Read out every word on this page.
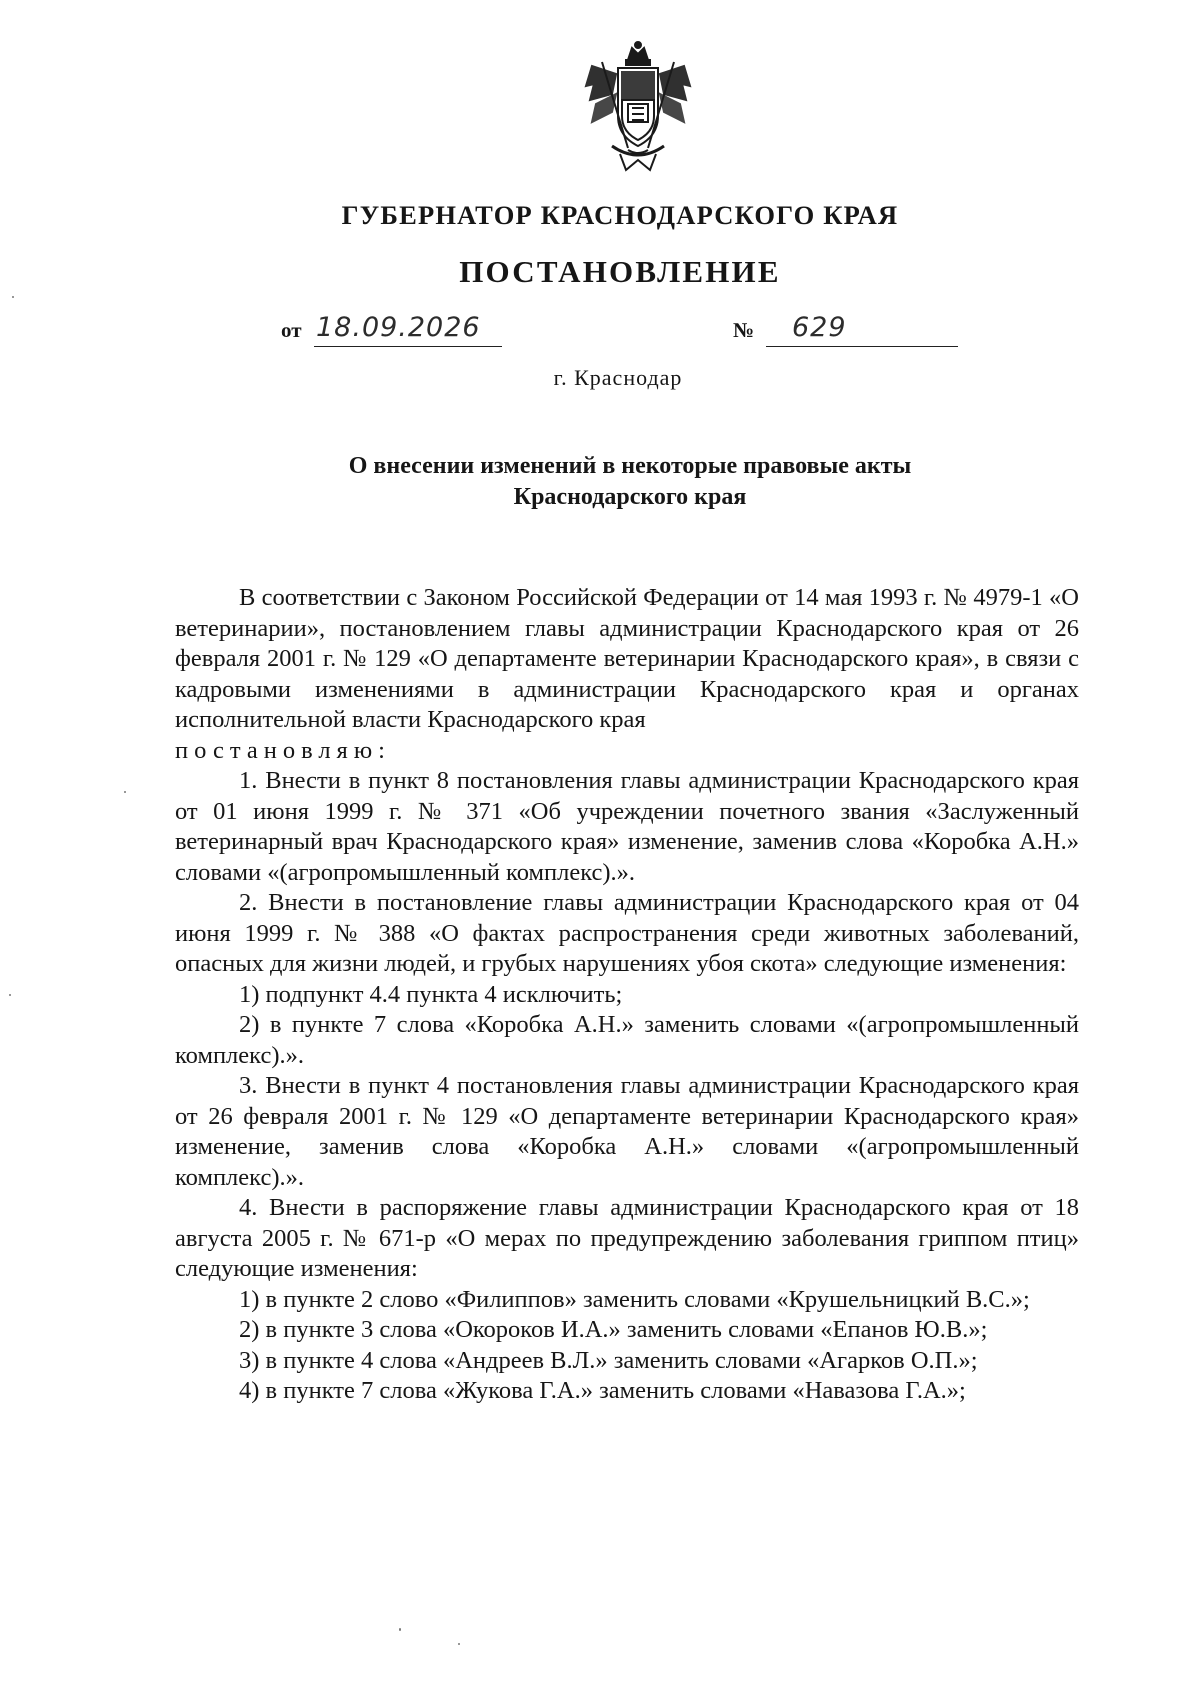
ГУБЕРНАТОР КРАСНОДАРСКОГО КРАЯ
ПОСТАНОВЛЕНИЕ
от 18.09.2026	№ 629
г. Краснодар
О внесении изменений в некоторые правовые акты
Краснодарского края

В соответствии с Законом Российской Федерации от 14 мая 1993 г. № 4979-1 «О ветеринарии», постановлением главы администрации Краснодарского края от 26 февраля 2001 г. № 129 «О департаменте ветеринарии Краснодарского края», в связи с кадровыми изменениями в администрации Краснодарского края и органах исполнительной власти Краснодарского края

постановляю:

1. Внести в пункт 8 постановления главы администрации Краснодарского края от 01 июня 1999 г. № 371 «Об учреждении почетного звания «Заслуженный ветеринарный врач Краснодарского края» изменение, заменив слова «Коробка А.Н.» словами «(агропромышленный комплекс).».

2. Внести в постановление главы администрации Краснодарского края от 04 июня 1999 г. № 388 «О фактах распространения среди животных заболеваний, опасных для жизни людей, и грубых нарушениях убоя скота» следующие изменения:

1) подпункт 4.4 пункта 4 исключить;

2) в пункте 7 слова «Коробка А.Н.» заменить словами «(агропромышленный комплекс).».

3. Внести в пункт 4 постановления главы администрации Краснодарского края от 26 февраля 2001 г. № 129 «О департаменте ветеринарии Краснодарского края» изменение, заменив слова «Коробка А.Н.» словами «(агропромышленный комплекс).».

4. Внести в распоряжение главы администрации Краснодарского края от 18 августа 2005 г. № 671-р «О мерах по предупреждению заболевания гриппом птиц» следующие изменения:

1) в пункте 2 слово «Филиппов» заменить словами «Крушельницкий В.С.»;

2) в пункте 3 слова «Окороков И.А.» заменить словами «Епанов Ю.В.»;

3) в пункте 4 слова «Андреев В.Л.» заменить словами «Агарков О.П.»;

4) в пункте 7 слова «Жукова Г.А.» заменить словами «Навазова Г.А.»;
